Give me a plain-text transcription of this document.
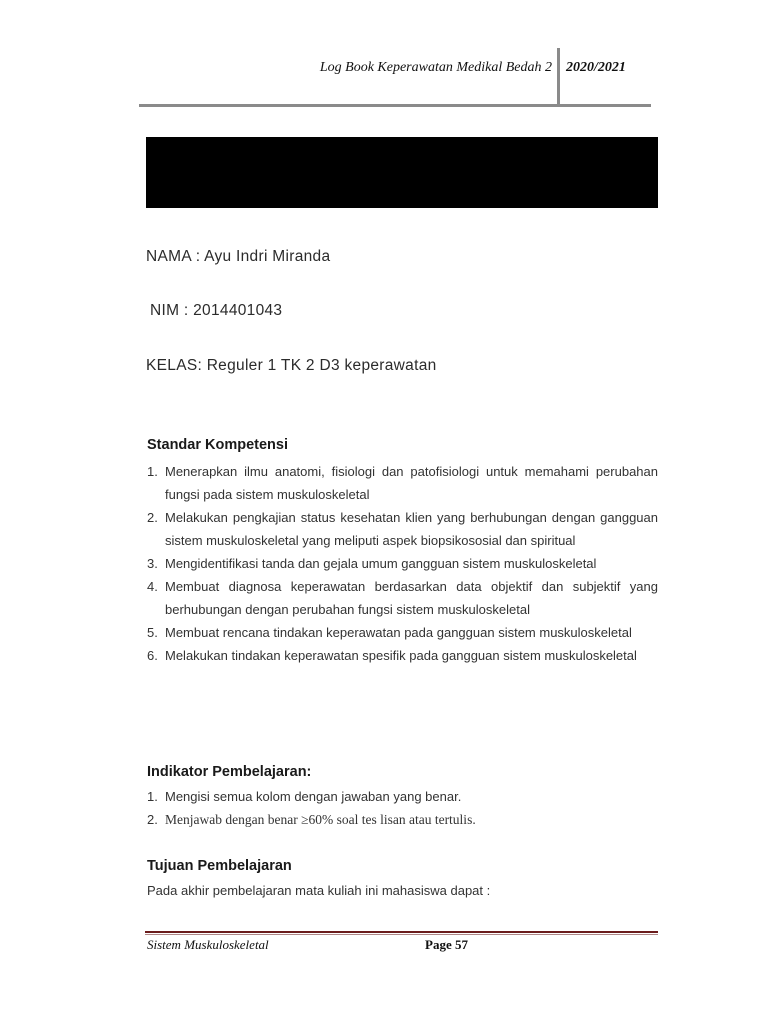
Log Book Keperawatan Medikal Bedah 2 2020/2021
NAMA : Ayu Indri Miranda
NIM : 2014401043
KELAS: Reguler 1 TK 2 D3 keperawatan
Standar Kompetensi
1. Menerapkan ilmu anatomi, fisiologi dan patofisiologi untuk memahami perubahan fungsi pada sistem muskuloskeletal
2. Melakukan pengkajian status kesehatan klien yang berhubungan dengan gangguan sistem muskuloskeletal yang meliputi aspek biopsikososial dan spiritual
3. Mengidentifikasi tanda dan gejala umum gangguan sistem muskuloskeletal
4. Membuat diagnosa keperawatan berdasarkan data objektif dan subjektif yang berhubungan dengan perubahan fungsi sistem muskuloskeletal
5. Membuat rencana tindakan keperawatan pada gangguan sistem muskuloskeletal
6. Melakukan tindakan keperawatan spesifik pada gangguan sistem muskuloskeletal
Indikator Pembelajaran:
1. Mengisi semua kolom dengan jawaban yang benar.
2. Menjawab dengan benar ≥60% soal tes lisan atau tertulis.
Tujuan Pembelajaran
Pada akhir pembelajaran mata kuliah ini mahasiswa dapat :
Sistem Muskuloskeletal	Page 57
